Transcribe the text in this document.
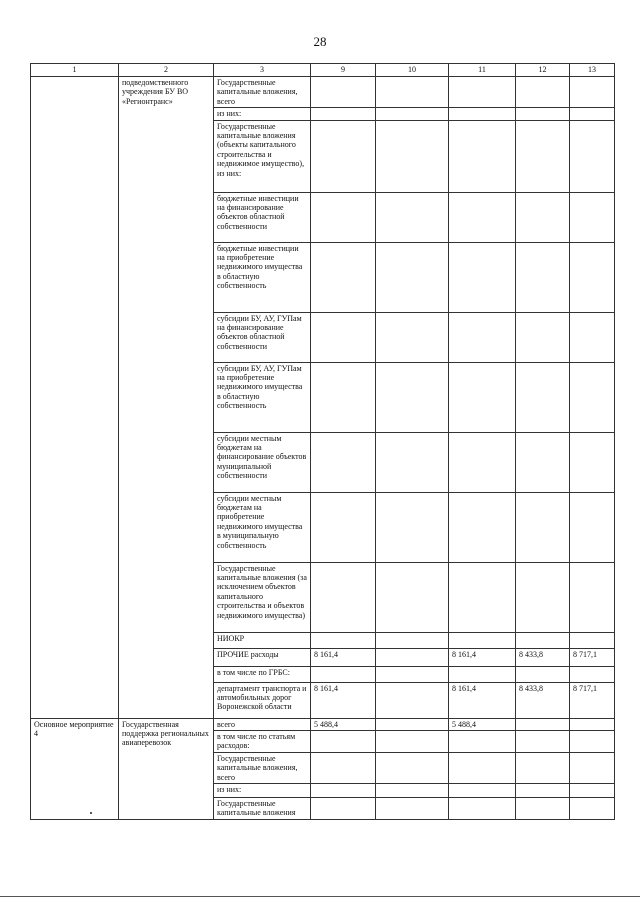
28
1	2	3	9	10	11	12	13
	подведомственного учреждения БУ ВО «Регионтранс»	Государственные капитальные вложения, всего					
		из них:					
		Государственные капитальные вложения (объекты капитального строительства и недвижимое имущество), из них:					
		бюджетные инвестиции на финансирование объектов областной собственности					
		бюджетные инвестиции на приобретение недвижимого имущества в областную собственность					
		субсидии БУ, АУ, ГУПам на финансирование объектов областной собственности					
		субсидии БУ, АУ, ГУПам на приобретение недвижимого имущества в областную собственность					
		субсидии местным бюджетам на финансирование объектов муниципальной собственности					
		субсидии местным бюджетам на приобретение недвижимого имущества в муниципальную собственность					
		Государственные капитальные вложения (за исключением объектов капитального строительства и объектов недвижимого имущества)					
		НИОКР					
		ПРОЧИЕ расходы	8 161,4		8 161,4	8 433,8	8 717,1
		в том числе по ГРБС:					
		департамент транспорта и автомобильных дорог Воронежской области	8 161,4		8 161,4	8 433,8	8 717,1
Основное мероприятие 4	Государственная поддержка региональных авиаперевозок	всего	5 488,4		5 488,4		
		в том числе по статьям расходов:					
		Государственные капитальные вложения, всего					
		из них:					
		Государственные капитальные вложения					
